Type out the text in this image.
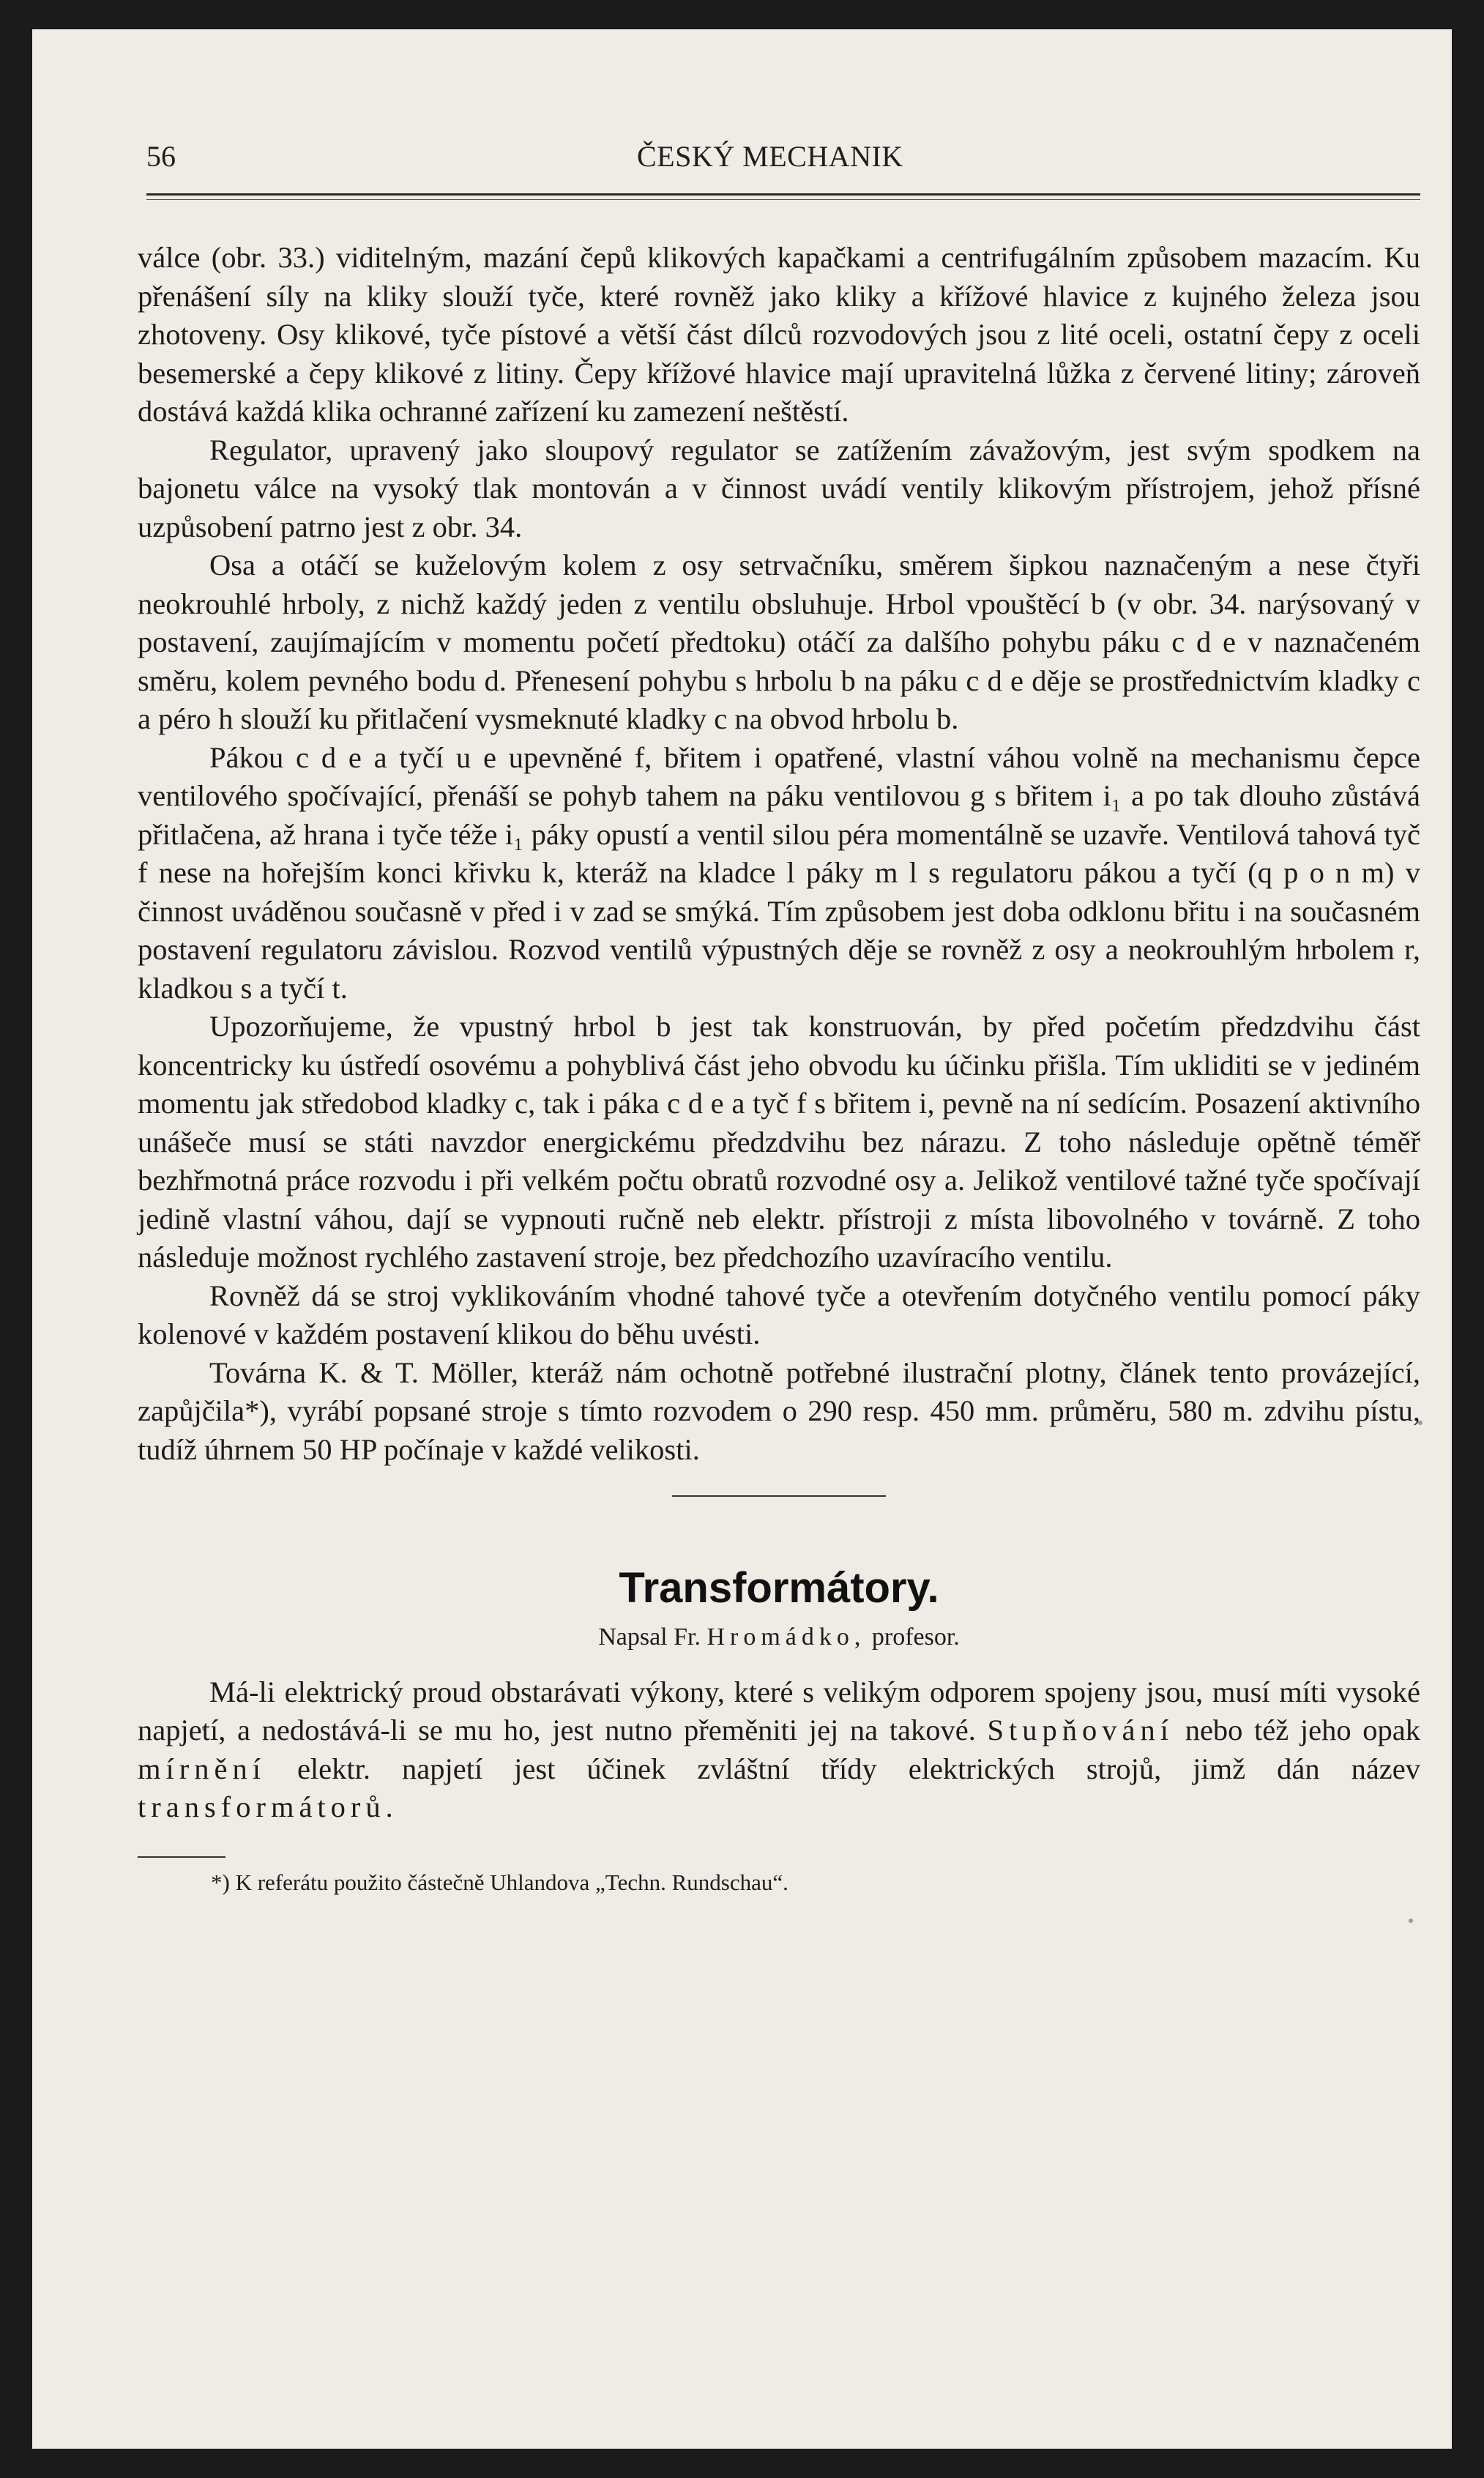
56	ČESKÝ MECHANIK

válce (obr. 33.) viditelným, mazání čepů klikových kapačkami a centrifugálním způsobem mazacím. Ku přenášení síly na kliky slouží tyče, které rovněž jako kliky a křížové hlavice z kujného železa jsou zhotoveny. Osy klikové, tyče pístové a větší část dílců rozvodových jsou z lité oceli, ostatní čepy z oceli besemerské a čepy klikové z litiny. Čepy křížové hlavice mají upravitelná lůžka z červené litiny; zároveň dostává každá klika ochranné zařízení ku zamezení neštěstí.

Regulator, upravený jako sloupový regulator se zatížením závažovým, jest svým spodkem na bajonetu válce na vysoký tlak montován a v činnost uvádí ventily klikovým přístrojem, jehož přísné uzpůsobení patrno jest z obr. 34.

Osa a otáčí se kuželovým kolem z osy setrvačníku, směrem šipkou naznačeným a nese čtyři neokrouhlé hrboly, z nichž každý jeden z ventilu obsluhuje. Hrbol vpouštěcí b (v obr. 34. narýsovaný v postavení, zaujímajícím v momentu početí předtoku) otáčí za dalšího pohybu páku c d e v naznačeném směru, kolem pevného bodu d. Přenesení pohybu s hrbolu b na páku c d e děje se prostřednictvím kladky c a péro h slouží ku přitlačení vysmeknuté kladky c na obvod hrbolu b.

Pákou c d e a tyčí u e upevněné f, břitem i opatřené, vlastní váhou volně na mechanismu čepce ventilového spočívající, přenáší se pohyb tahem na páku ventilovou g s břitem i₁ a po tak dlouho zůstává přitlačena, až hrana i tyče téže i₁ páky opustí a ventil silou péra momentálně se uzavře. Ventilová tahová tyč f nese na hořejším konci křivku k, kteráž na kladce l páky m l s regulatoru pákou a tyčí (q p o n m) v činnost uváděnou současně v před i v zad se smýká. Tím způsobem jest doba odklonu břitu i na současném postavení regulatoru závislou. Rozvod ventilů výpustných děje se rovněž z osy a neokrouhlým hrbolem r, kladkou s a tyčí t.

Upozorňujeme, že vpustný hrbol b jest tak konstruován, by před početím předzdvihu část koncentricky ku ústředí osovému a pohyblivá část jeho obvodu ku účinku přišla. Tím ukliditi se v jediném momentu jak středobod kladky c, tak i páka c d e a tyč f s břitem i, pevně na ní sedícím. Posazení aktivního unášeče musí se státi navzdor energickému předzdvihu bez nárazu. Z toho následuje opětně téměř bezhřmotná práce rozvodu i při velkém počtu obratů rozvodné osy a. Jelikož ventilové tažné tyče spočívají jedině vlastní váhou, dají se vypnouti ručně neb elektr. přístroji z místa libovolného v továrně. Z toho následuje možnost rychlého zastavení stroje, bez předchozího uzavíracího ventilu.

Rovněž dá se stroj vyklikováním vhodné tahové tyče a otevřením dotyčného ventilu pomocí páky kolenové v každém postavení klikou do běhu uvésti.

Továrna K. & T. Möller, kteráž nám ochotně potřebné ilustrační plotny, článek tento provázející, zapůjčila*), vyrábí popsané stroje s tímto rozvodem o 290 resp. 450 mm. průměru, 580 m. zdvihu pístu, tudíž úhrnem 50 HP počínaje v každé velikosti.

Transformátory.
Napsal Fr. Hromádko, profesor.

Má-li elektrický proud obstarávati výkony, které s velikým odporem spojeny jsou, musí míti vysoké napjetí, a nedostává-li se mu ho, jest nutno přeměniti jej na takové. Stupňování nebo též jeho opak mírnění elektr. napjetí jest účinek zvláštní třídy elektrických strojů, jimž dán název transformátorů.

*) K referátu použito částečně Uhlandova „Techn. Rundschau“.
